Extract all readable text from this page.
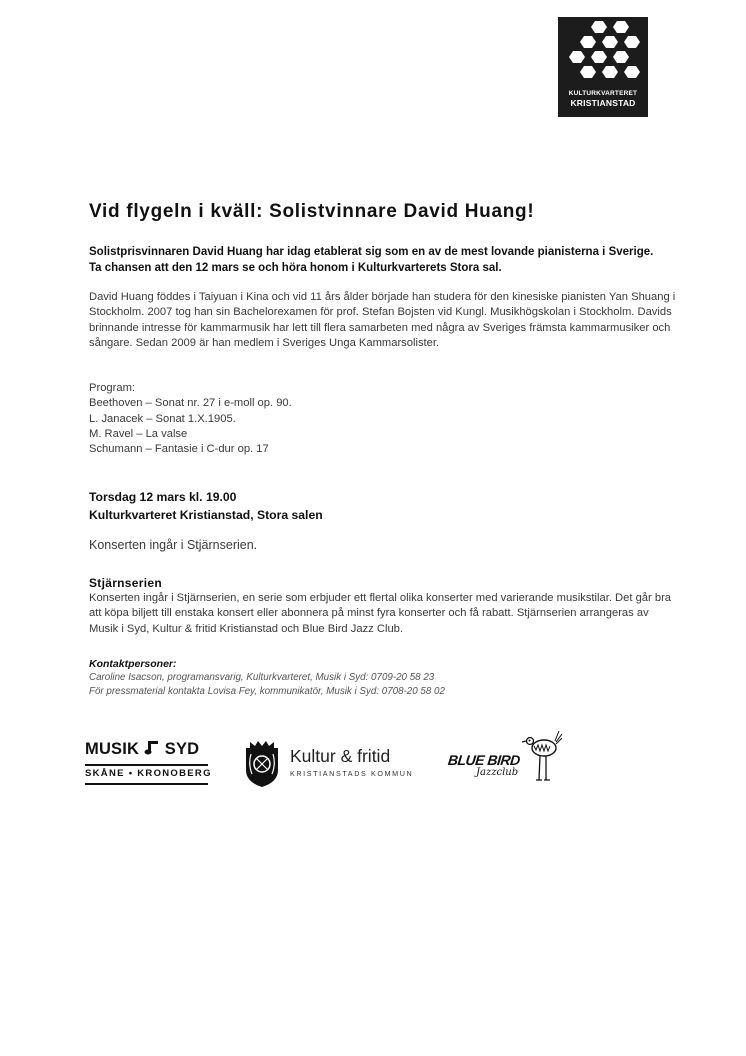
KULTURKVARTERET
KRISTIANSTAD
Vid flygeln i kväll: Solistvinnare David Huang!
Solistprisvinnaren David Huang har idag etablerat sig som en av de mest lovande pianisterna i Sverige. Ta chansen att den 12 mars se och höra honom i Kulturkvarterets Stora sal.
David Huang föddes i Taiyuan i Kina och vid 11 års ålder började han studera för den kinesiske pianisten Yan Shuang i Stockholm. 2007 tog han sin Bachelorexamen för prof. Stefan Bojsten vid Kungl. Musikhögskolan i Stockholm. Davids brinnande intresse för kammarmusik har lett till flera samarbeten med några av Sveriges främsta kammarmusiker och sångare. Sedan 2009 är han medlem i Sveriges Unga Kammarsolister.
Program:
Beethoven – Sonat nr. 27 i e-moll op. 90.
L. Janacek – Sonat 1.X.1905.
M. Ravel – La valse
Schumann – Fantasie i C-dur op. 17
Torsdag 12 mars kl. 19.00
Kulturkvarteret Kristianstad, Stora salen
Konserten ingår i Stjärnserien.
Stjärnserien
Konserten ingår i Stjärnserien, en serie som erbjuder ett flertal olika konserter med varierande musikstilar. Det går bra att köpa biljett till enstaka konsert eller abonnera på minst fyra konserter och få rabatt. Stjärnserien arrangeras av Musik i Syd, Kultur & fritid Kristianstad och Blue Bird Jazz Club.
Kontaktpersoner:
Caroline Isacson, programansvarig, Kulturkvarteret, Musik i Syd: 0709-20 58 23
För pressmaterial kontakta Lovisa Fey, kommunikatör, Musik i Syd: 0708-20 58 02
MUSIK SYD
SKÅNE • KRONOBERG
Kultur & fritid
KRISTIANSTADS KOMMUN
BLUE BIRD
Jazzclub
